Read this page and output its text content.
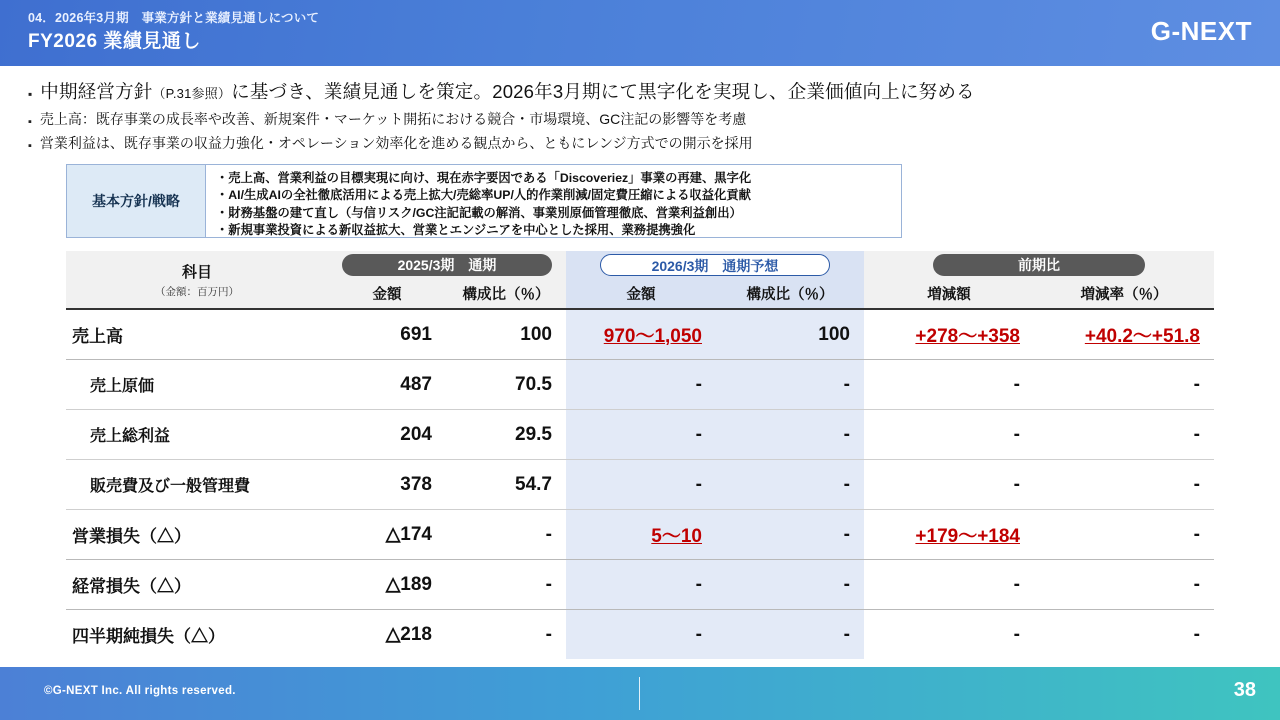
04．2026年3月期　事業方針と業績見通しについて
FY2026 業績見通し	G-NEXT
▪ 中期経営方針（P.31参照）に基づき、業績見通しを策定。2026年3月期にて黒字化を実現し、企業価値向上に努める
▪ 売上高：既存事業の成長率や改善、新規案件・マーケット開拓における競合・市場環境、GC注記の影響等を考慮
▪ 営業利益は、既存事業の収益力強化・オペレーション効率化を進める観点から、ともにレンジ方式での開示を採用
基本方針/戦略
・売上高、営業利益の目標実現に向け、現在赤字要因である「Discoveriez」事業の再建、黒字化
・AI/生成AIの全社徹底活用による売上拡大/売総率UP/人的作業削減/固定費圧縮による収益化貢献
・財務基盤の建て直し（与信リスク/GC注記記載の解消、事業別原価管理徹底、営業利益創出）
・新規事業投資による新収益拡大、営業とエンジニアを中心とした採用、業務提携強化
科目
（金額：百万円）	2025/3期　通期		2026/3期　通期予想		前期比	

	金額	構成比（％）	金額	構成比（％）	増減額	増減率（％）
売上高	691	100	970〜1,050	100	+278〜+358	+40.2〜+51.8
売上原価	487	70.5	-	-	-	-
売上総利益	204	29.5	-	-	-	-
販売費及び一般管理費	378	54.7	-	-	-	-
営業損失（△）	△174	-	5〜10	-	+179〜+184	-
経常損失（△）	△189	-	-	-	-	-
四半期純損失（△）	△218	-	-	-	-	-
©G-NEXT Inc. All rights reserved.	38
